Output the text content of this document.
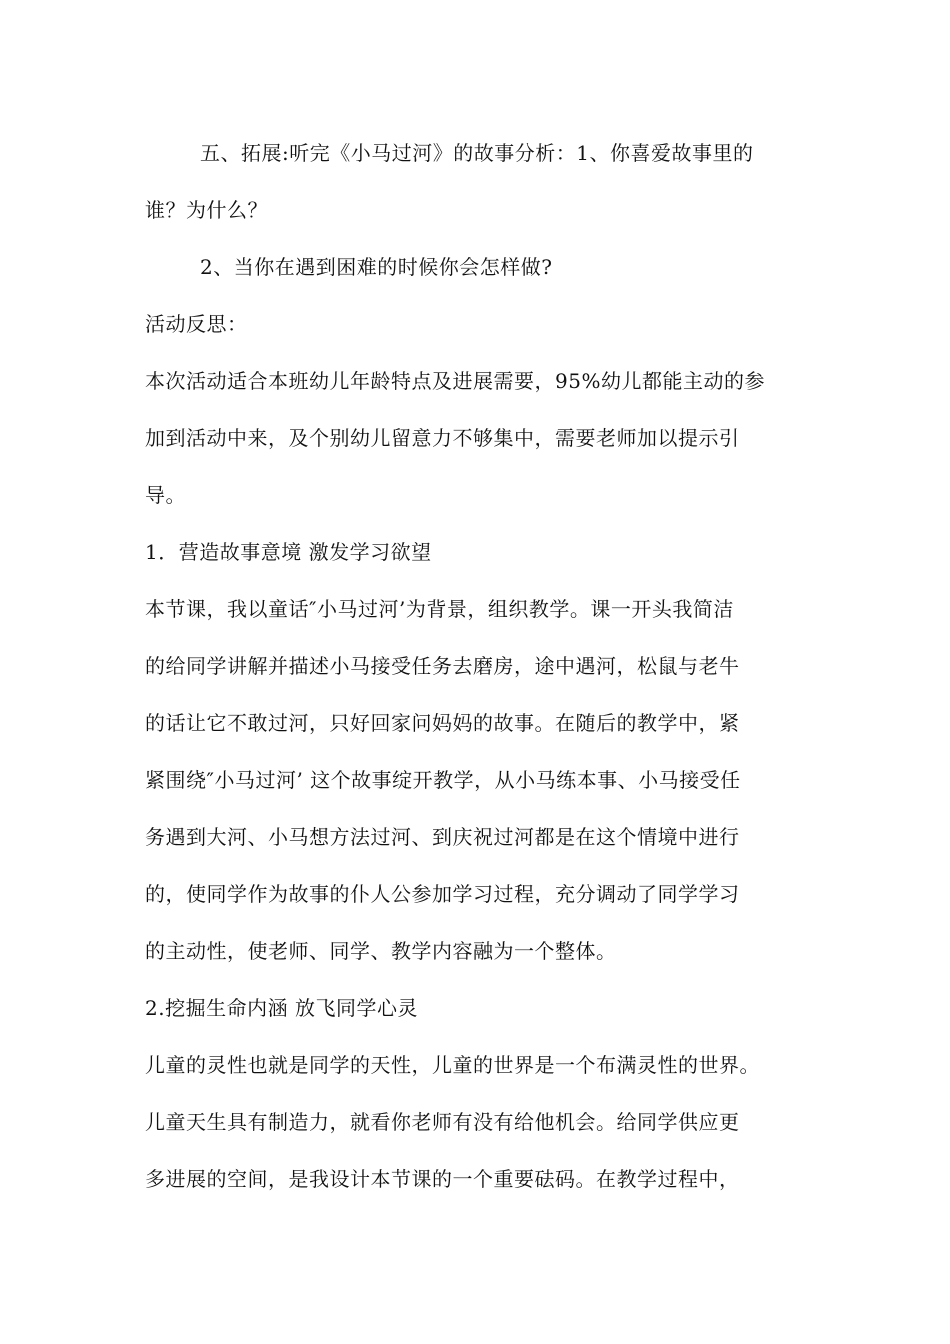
五、拓展:听完《小马过河》的故事分析：1、你喜爱故事里的
谁？为什么？
2、当你在遇到困难的时候你会怎样做?
活动反思：
本次活动适合本班幼儿年龄特点及进展需要，95%幼儿都能主动的参
加到活动中来，及个别幼儿留意力不够集中，需要老师加以提示引
导。
1．营造故事意境 激发学习欲望
本节课，我以童话″小马过河’为背景，组织教学。课一开头我简洁
的给同学讲解并描述小马接受任务去磨房，途中遇河，松鼠与老牛
的话让它不敢过河，只好回家问妈妈的故事。在随后的教学中，紧
紧围绕″小马过河’ 这个故事绽开教学，从小马练本事、小马接受任
务遇到大河、小马想方法过河、到庆祝过河都是在这个情境中进行
的，使同学作为故事的仆人公参加学习过程，充分调动了同学学习
的主动性，使老师、同学、教学内容融为一个整体。
2.挖掘生命内涵 放飞同学心灵
儿童的灵性也就是同学的天性，儿童的世界是一个布满灵性的世界。
儿童天生具有制造力，就看你老师有没有给他机会。给同学供应更
多进展的空间，是我设计本节课的一个重要砝码。在教学过程中，
